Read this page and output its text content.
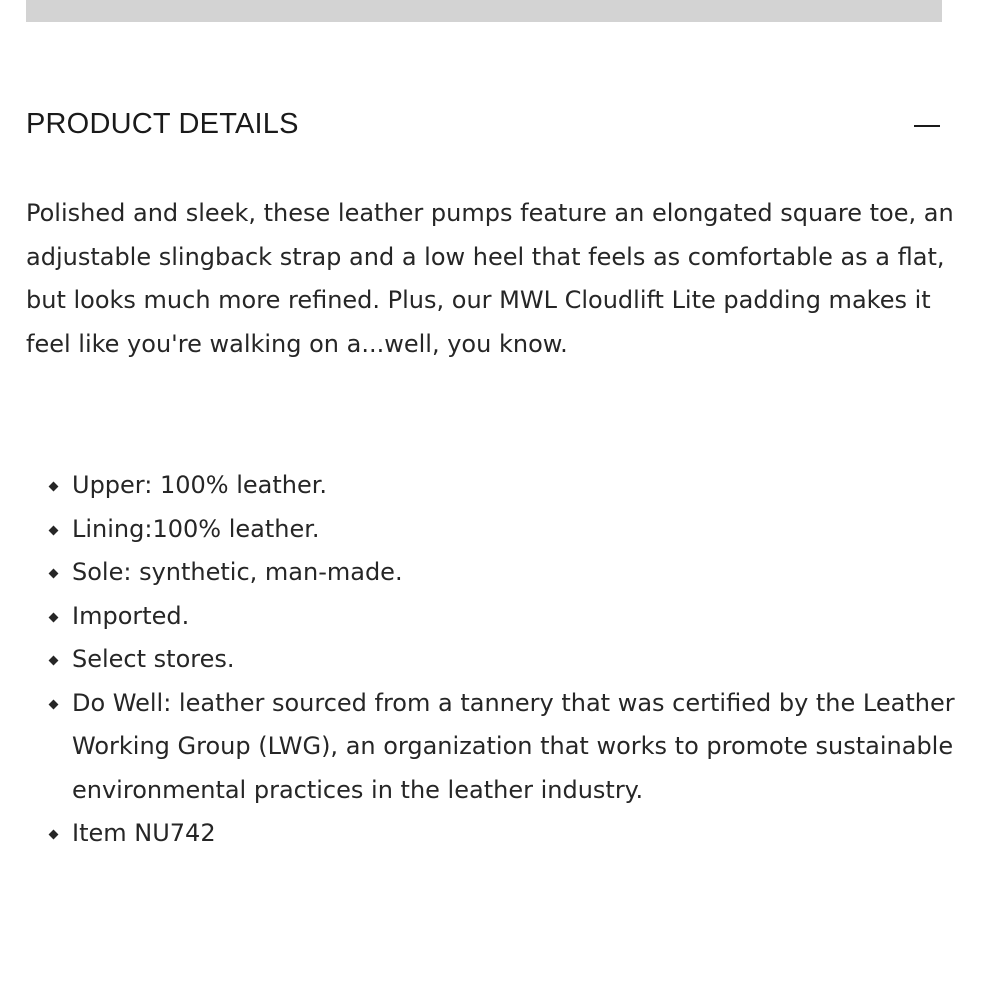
PRODUCT DETAILS

Polished and sleek, these leather pumps feature an elongated square toe, an adjustable slingback strap and a low heel that feels as comfortable as a flat, but looks much more refined. Plus, our MWL Cloudlift Lite padding makes it feel like you're walking on a...well, you know.

Upper: 100% leather.
Lining:100% leather.
Sole: synthetic, man-made.
Imported.
Select stores.
Do Well: leather sourced from a tannery that was certified by the Leather Working Group (LWG), an organization that works to promote sustainable environmental practices in the leather industry.
Item NU742
